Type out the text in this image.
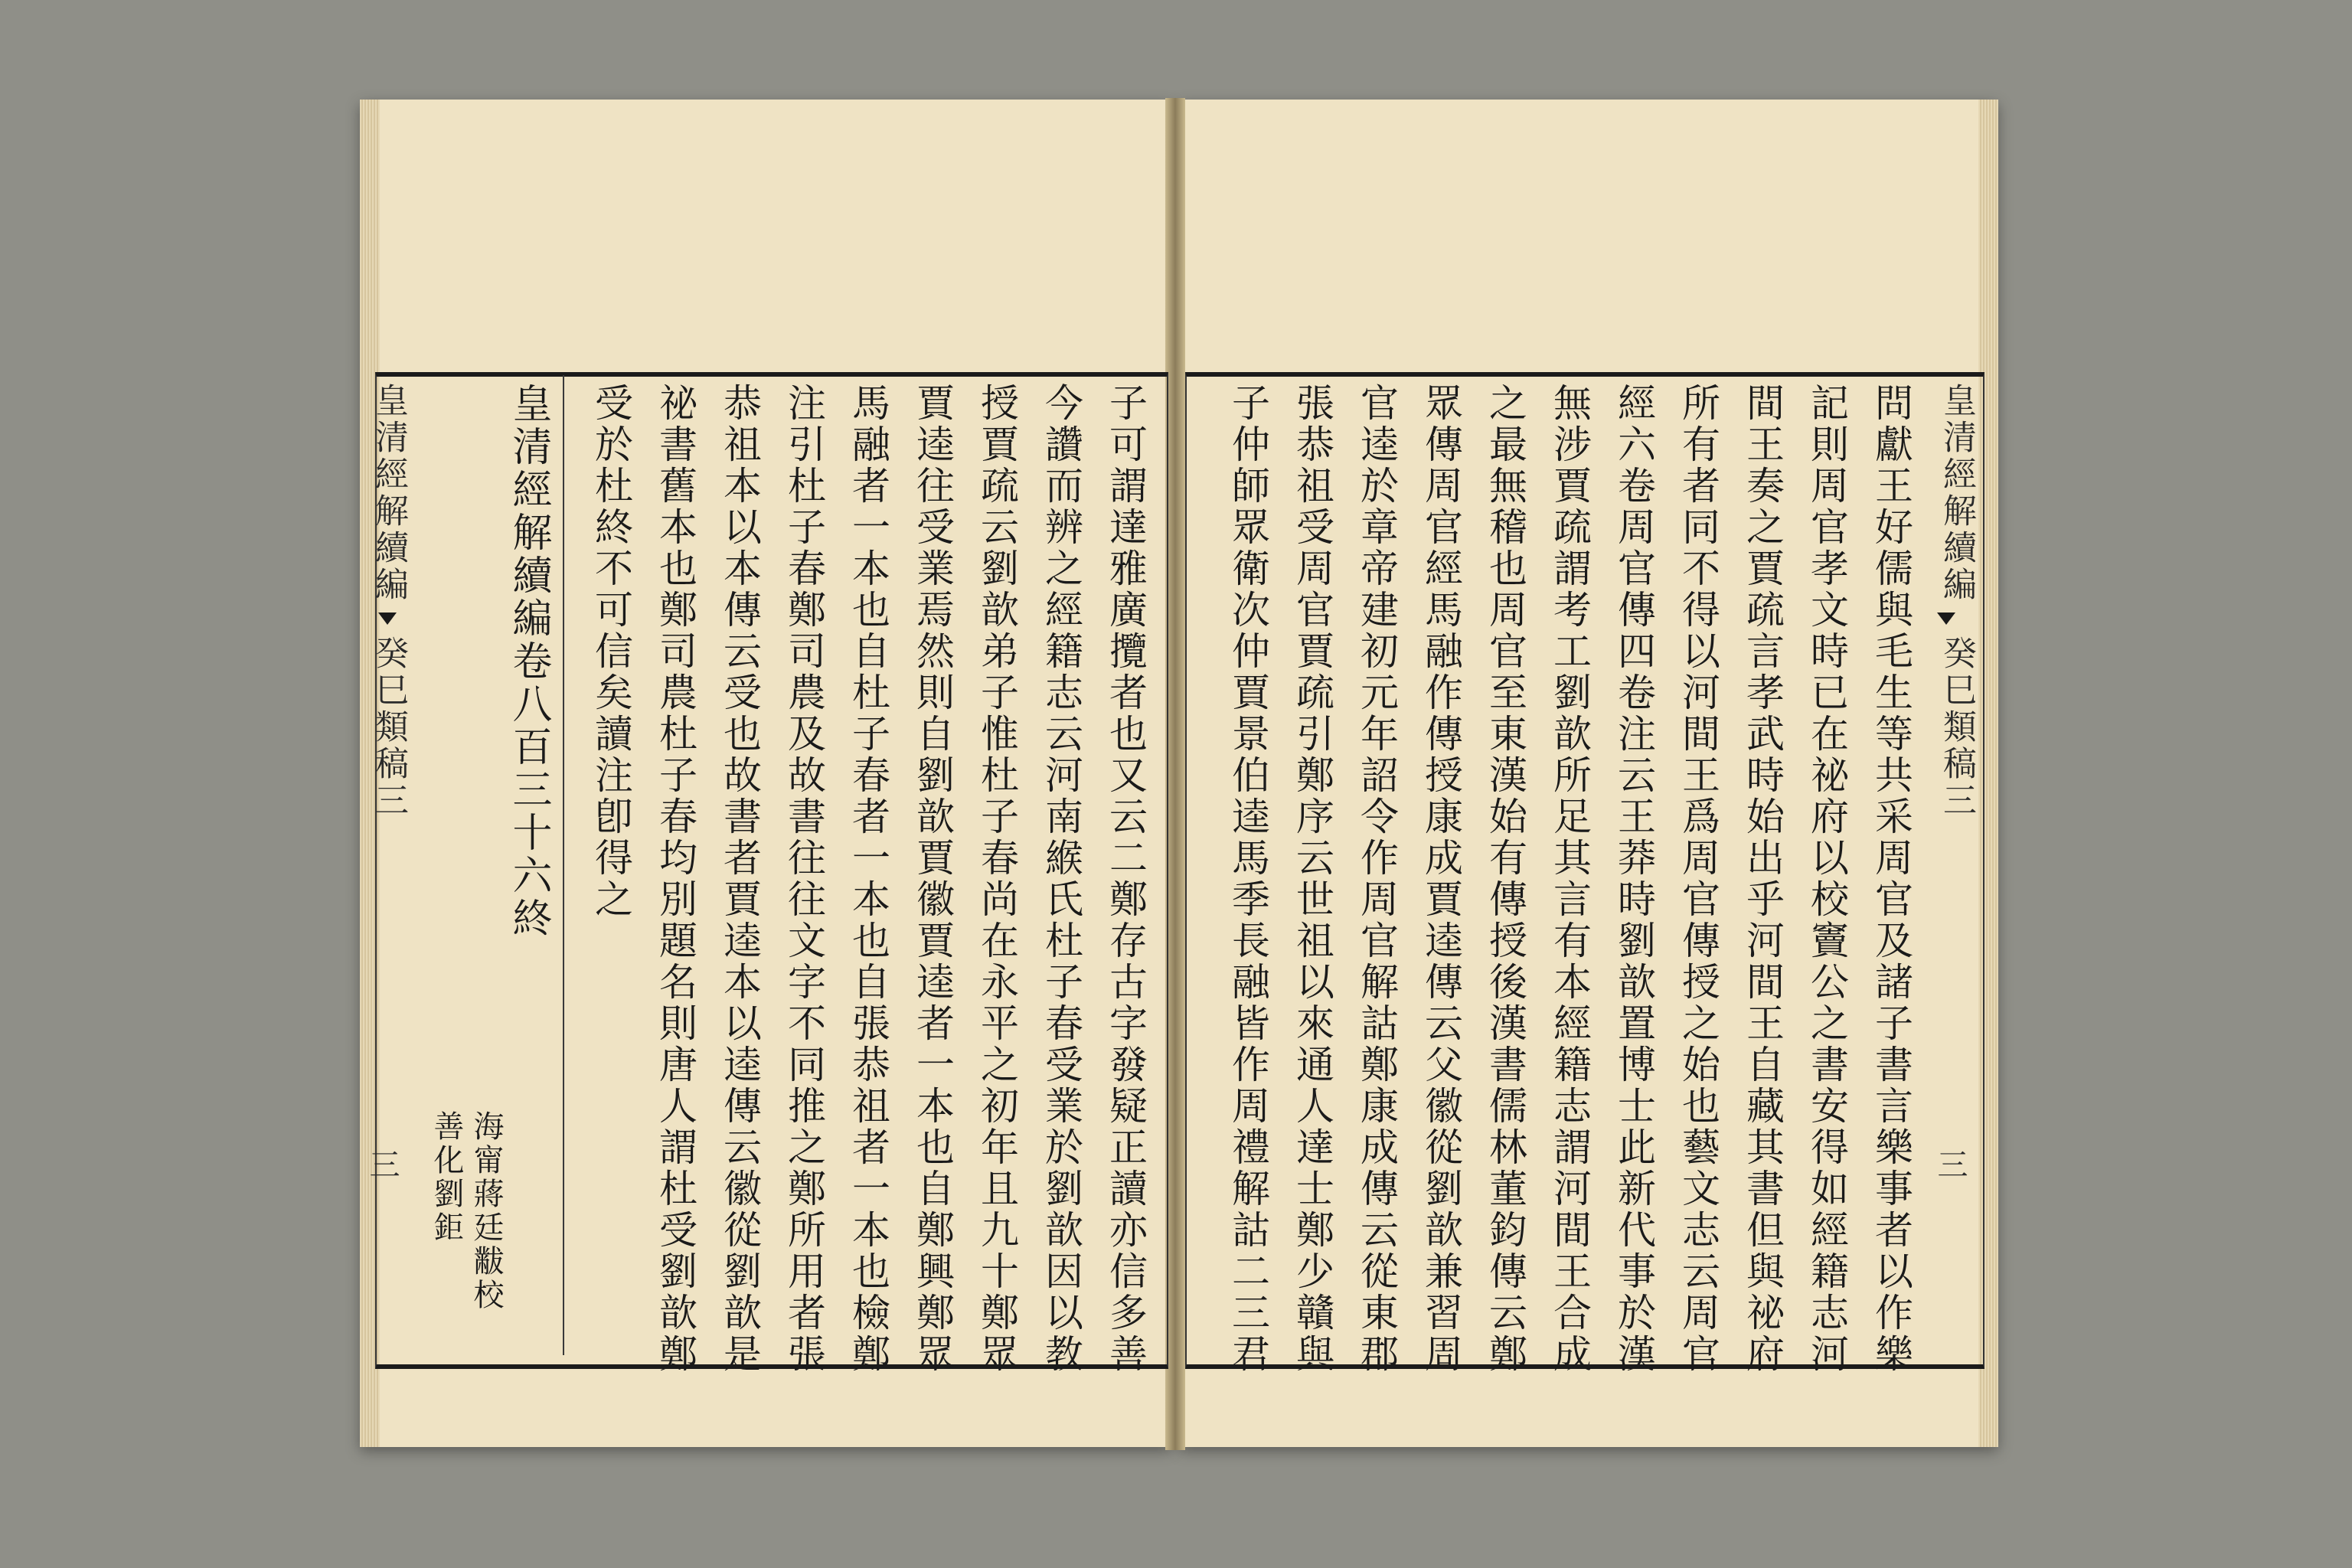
皇清經解續編
癸巳類稿三
三
問獻王好儒與毛生等共采周官及諸子書言樂事者以作樂
記則周官孝文時已在祕府以校竇公之書安得如經籍志河
間王奏之賈疏言孝武時始出乎河間王自藏其書但與祕府
所有者同不得以河間王爲周官傳授之始也藝文志云周官
經六卷周官傳四卷注云王莽時劉歆置博士此新代事於漢
無涉賈疏謂考工劉歆所足其言有本經籍志謂河間王合成
之最無稽也周官至東漢始有傳授後漢書儒林董鈞傳云鄭
眾傳周官經馬融作傳授康成賈逵傳云父徽從劉歆兼習周
官逵於章帝建初元年詔令作周官解詁鄭康成傳云從東郡
張恭祖受周官賈疏引鄭序云世祖以來通人達士鄭少贛與
子仲師眾衛次仲賈景伯逵馬季長融皆作周禮解詁二三君
子可謂達雅廣攬者也又云二鄭存古字發疑正讀亦信多善
今讚而辨之經籍志云河南緱氏杜子春受業於劉歆因以教
授賈疏云劉歆弟子惟杜子春尚在永平之初年且九十鄭眾
賈逵往受業焉然則自劉歆賈徽賈逵者一本也自鄭興鄭眾
馬融者一本也自杜子春者一本也自張恭祖者一本也檢鄭
注引杜子春鄭司農及故書往往文字不同推之鄭所用者張
恭祖本以本傳云受也故書者賈逵本以逵傳云徽從劉歆是
祕書舊本也鄭司農杜子春均別題名則唐人謂杜受劉歆鄭
受於杜終不可信矣讀注卽得之
皇清經解續編卷八百三十六終
海甯蔣廷黻校
善化劉鉅
皇清經解續編
癸巳類稿三
三
